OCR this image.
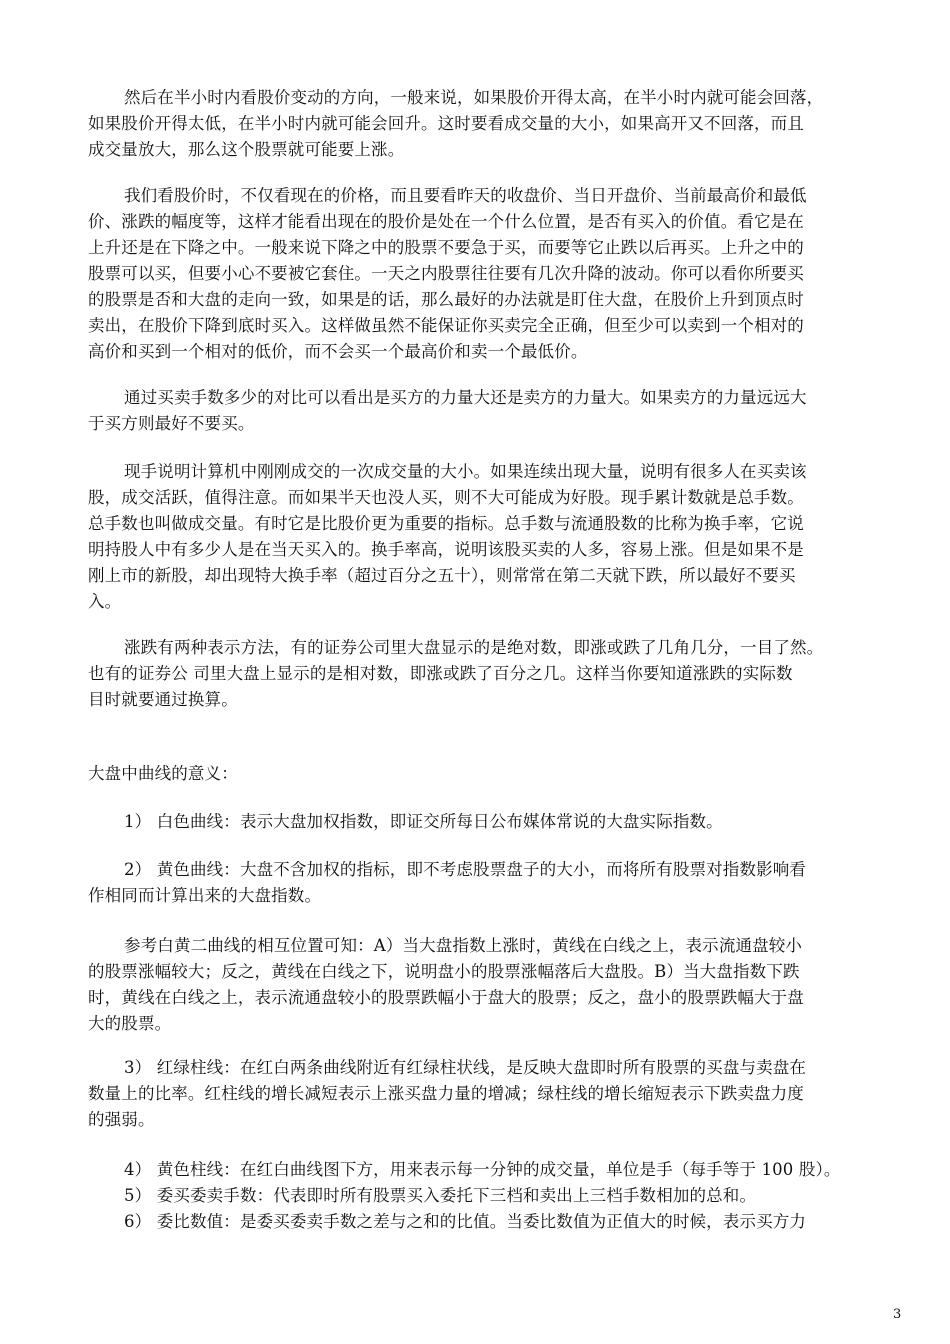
然后在半小时内看股价变动的方向，一般来说，如果股价开得太高，在半小时内就可能会回落，
如果股价开得太低，在半小时内就可能会回升。这时要看成交量的大小，如果高开又不回落，而且
成交量放大，那么这个股票就可能要上涨。
我们看股价时，不仅看现在的价格，而且要看昨天的收盘价、当日开盘价、当前最高价和最低
价、涨跌的幅度等，这样才能看出现在的股价是处在一个什么位置，是否有买入的价值。看它是在
上升还是在下降之中。一般来说下降之中的股票不要急于买，而要等它止跌以后再买。上升之中的
股票可以买，但要小心不要被它套住。一天之内股票往往要有几次升降的波动。你可以看你所要买
的股票是否和大盘的走向一致，如果是的话，那么最好的办法就是盯住大盘，在股价上升到顶点时
卖出，在股价下降到底时买入。这样做虽然不能保证你买卖完全正确，但至少可以卖到一个相对的
高价和买到一个相对的低价，而不会买一个最高价和卖一个最低价。
通过买卖手数多少的对比可以看出是买方的力量大还是卖方的力量大。如果卖方的力量远远大
于买方则最好不要买。
现手说明计算机中刚刚成交的一次成交量的大小。如果连续出现大量，说明有很多人在买卖该
股，成交活跃，值得注意。而如果半天也没人买，则不大可能成为好股。现手累计数就是总手数。
总手数也叫做成交量。有时它是比股价更为重要的指标。总手数与流通股数的比称为换手率，它说
明持股人中有多少人是在当天买入的。换手率高，说明该股买卖的人多，容易上涨。但是如果不是
刚上市的新股，却出现特大换手率（超过百分之五十），则常常在第二天就下跌，所以最好不要买
入。
涨跌有两种表示方法，有的证券公司里大盘显示的是绝对数，即涨或跌了几角几分，一目了然。
也有的证券公 司里大盘上显示的是相对数，即涨或跌了百分之几。这样当你要知道涨跌的实际数
目时就要通过换算。
大盘中曲线的意义：
1） 白色曲线：表示大盘加权指数，即证交所每日公布媒体常说的大盘实际指数。
2） 黄色曲线：大盘不含加权的指标，即不考虑股票盘子的大小，而将所有股票对指数影响看
作相同而计算出来的大盘指数。
参考白黄二曲线的相互位置可知：A）当大盘指数上涨时，黄线在白线之上，表示流通盘较小
的股票涨幅较大；反之，黄线在白线之下，说明盘小的股票涨幅落后大盘股。B）当大盘指数下跌
时，黄线在白线之上，表示流通盘较小的股票跌幅小于盘大的股票；反之，盘小的股票跌幅大于盘
大的股票。
3） 红绿柱线：在红白两条曲线附近有红绿柱状线，是反映大盘即时所有股票的买盘与卖盘在
数量上的比率。红柱线的增长减短表示上涨买盘力量的增减；绿柱线的增长缩短表示下跌卖盘力度
的强弱。
4） 黄色柱线：在红白曲线图下方，用来表示每一分钟的成交量，单位是手（每手等于 100 股）。
5） 委买委卖手数：代表即时所有股票买入委托下三档和卖出上三档手数相加的总和。
6） 委比数值：是委买委卖手数之差与之和的比值。当委比数值为正值大的时候，表示买方力
3
